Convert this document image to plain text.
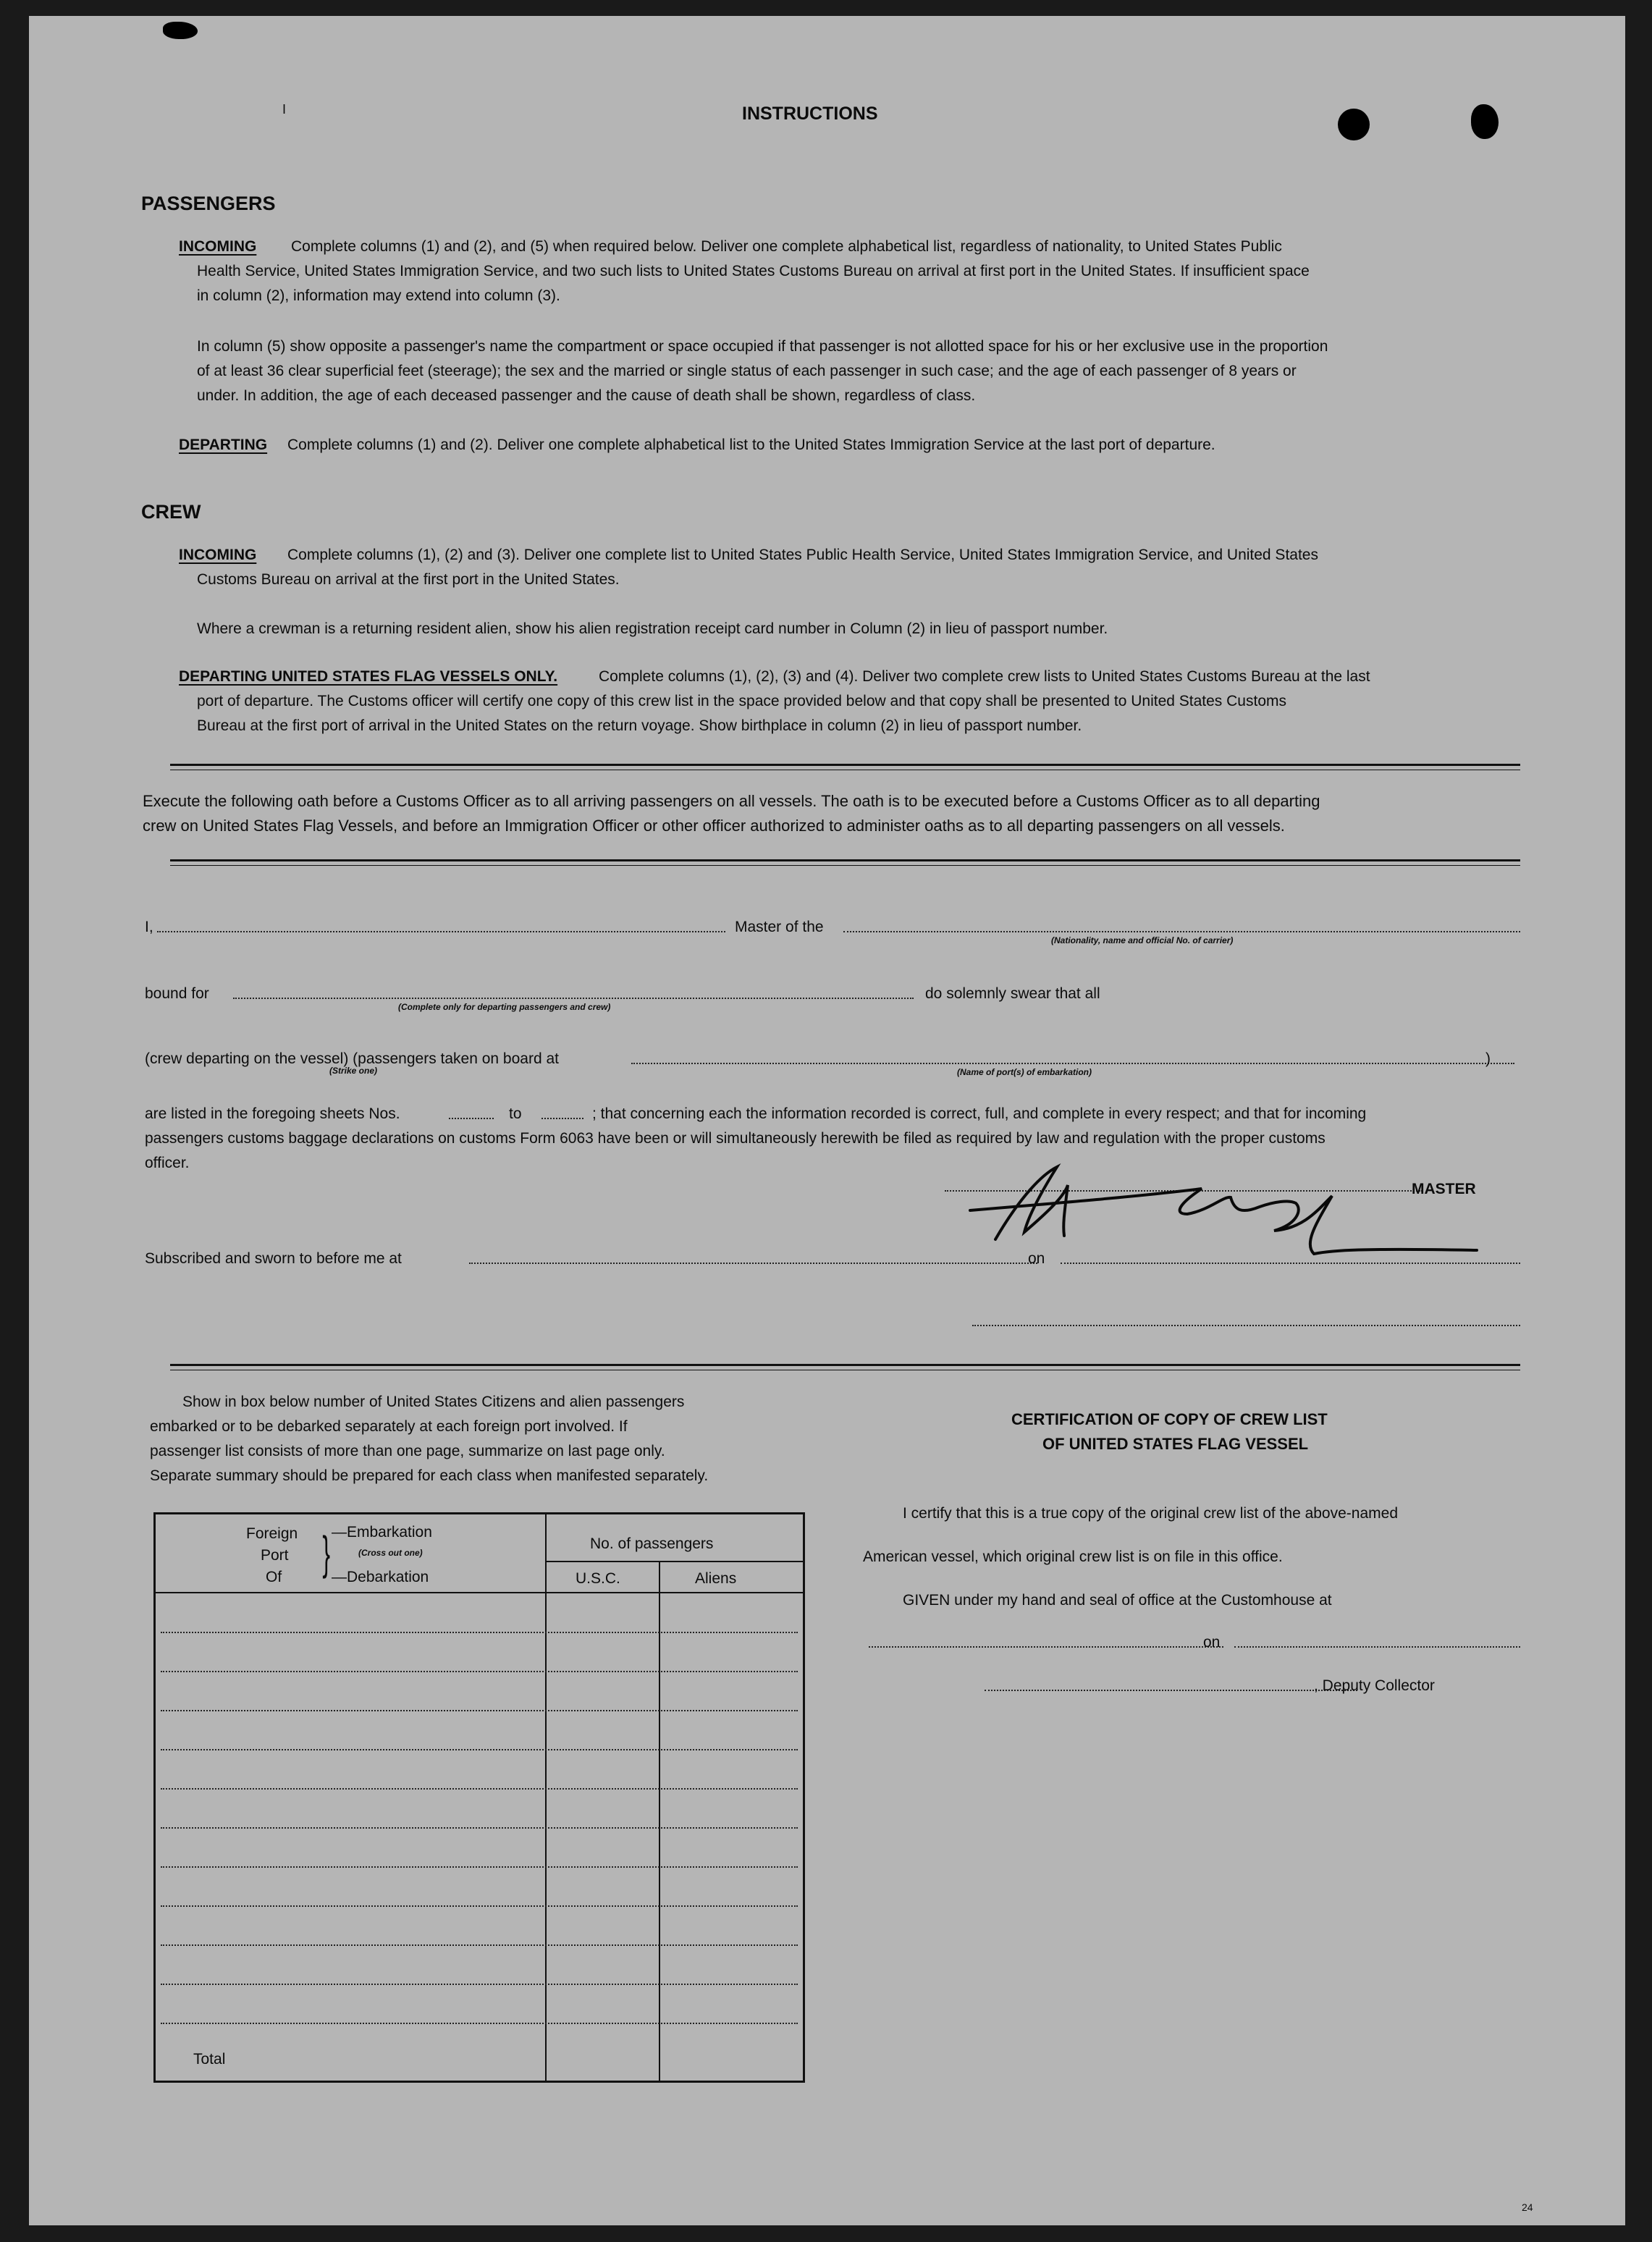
I	INSTRUCTIONS
PASSENGERS
INCOMING Complete columns (1) and (2), and (5) when required below. Deliver one complete alphabetical list, regardless of nationality, to United States Public
Health Service, United States Immigration Service, and two such lists to United States Customs Bureau on arrival at first port in the United States. If insufficient space
in column (2), information may extend into column (3).
In column (5) show opposite a passenger's name the compartment or space occupied if that passenger is not allotted space for his or her exclusive use in the proportion
of at least 36 clear superficial feet (steerage); the sex and the married or single status of each passenger in such case; and the age of each passenger of 8 years or
under. In addition, the age of each deceased passenger and the cause of death shall be shown, regardless of class.
DEPARTING Complete columns (1) and (2). Deliver one complete alphabetical list to the United States Immigration Service at the last port of departure.
CREW
INCOMING Complete columns (1), (2) and (3). Deliver one complete list to United States Public Health Service, United States Immigration Service, and United States
Customs Bureau on arrival at the first port in the United States.
Where a crewman is a returning resident alien, show his alien registration receipt card number in Column (2) in lieu of passport number.
DEPARTING UNITED STATES FLAG VESSELS ONLY.	Complete columns (1), (2), (3) and (4). Deliver two complete crew lists to United States Customs Bureau at the last
port of departure. The Customs officer will certify one copy of this crew list in the space provided below and that copy shall be presented to United States Customs
Bureau at the first port of arrival in the United States on the return voyage. Show birthplace in column (2) in lieu of passport number.
Execute the following oath before a Customs Officer as to all arriving passengers on all vessels. The oath is to be executed before a Customs Officer as to all departing
crew on United States Flag Vessels, and before an Immigration Officer or other officer authorized to administer oaths as to all departing passengers on all vessels.
I,	Master of the
(Nationality, name and official No. of carrier)
bound for
(Complete only for departing passengers and crew)
do solemnly swear that all
(crew departing on the vessel) (passengers taken on board at
(Strike one)	(Name of port(s) of embarkation)
)
are listed in the foregoing sheets Nos.	to	; that concerning each the information recorded is correct, full, and complete in every respect; and that for incoming
passengers customs baggage declarations on customs Form 6063 have been or will simultaneously herewith be filed as required by law and regulation with the proper customs
officer.
MASTER
Subscribed and sworn to before me at	on
Show in box below number of United States Citizens and alien passengers
embarked or to be debarked separately at each foreign port involved. If
passenger list consists of more than one page, summarize on last page only.
Separate summary should be prepared for each class when manifested separately.
Foreign
Port
Of } —Embarkation
(Cross out one)
—Debarkation
No. of passengers
U.S.C.	Aliens
Total
CERTIFICATION OF COPY OF CREW LIST
OF UNITED STATES FLAG VESSEL
I certify that this is a true copy of the original crew list of the above-named
American vessel, which original crew list is on file in this office.
GIVEN under my hand and seal of office at the Customhouse at
on
, Deputy Collector
24
